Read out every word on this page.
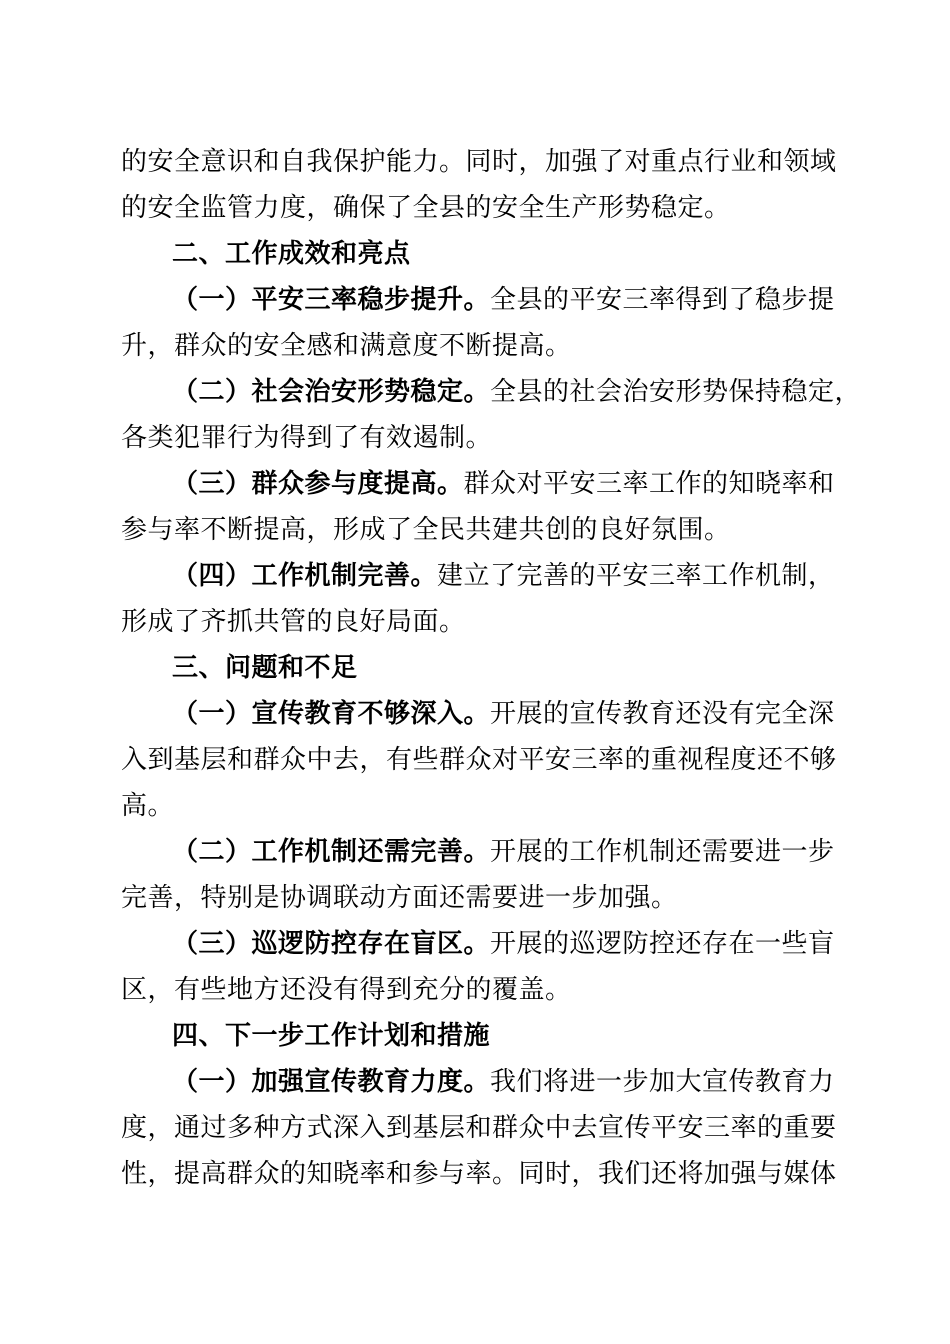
的安全意识和自我保护能力。同时，加强了对重点行业和领域
的安全监管力度，确保了全县的安全生产形势稳定。
二、工作成效和亮点
（一）平安三率稳步提升。全县的平安三率得到了稳步提
升，群众的安全感和满意度不断提高。
（二）社会治安形势稳定。全县的社会治安形势保持稳定，
各类犯罪行为得到了有效遏制。
（三）群众参与度提高。群众对平安三率工作的知晓率和
参与率不断提高，形成了全民共建共创的良好氛围。
（四）工作机制完善。建立了完善的平安三率工作机制，
形成了齐抓共管的良好局面。
三、问题和不足
（一）宣传教育不够深入。开展的宣传教育还没有完全深
入到基层和群众中去，有些群众对平安三率的重视程度还不够
高。
（二）工作机制还需完善。开展的工作机制还需要进一步
完善，特别是协调联动方面还需要进一步加强。
（三）巡逻防控存在盲区。开展的巡逻防控还存在一些盲
区，有些地方还没有得到充分的覆盖。
四、下一步工作计划和措施
（一）加强宣传教育力度。我们将进一步加大宣传教育力
度，通过多种方式深入到基层和群众中去宣传平安三率的重要
性，提高群众的知晓率和参与率。同时，我们还将加强与媒体
